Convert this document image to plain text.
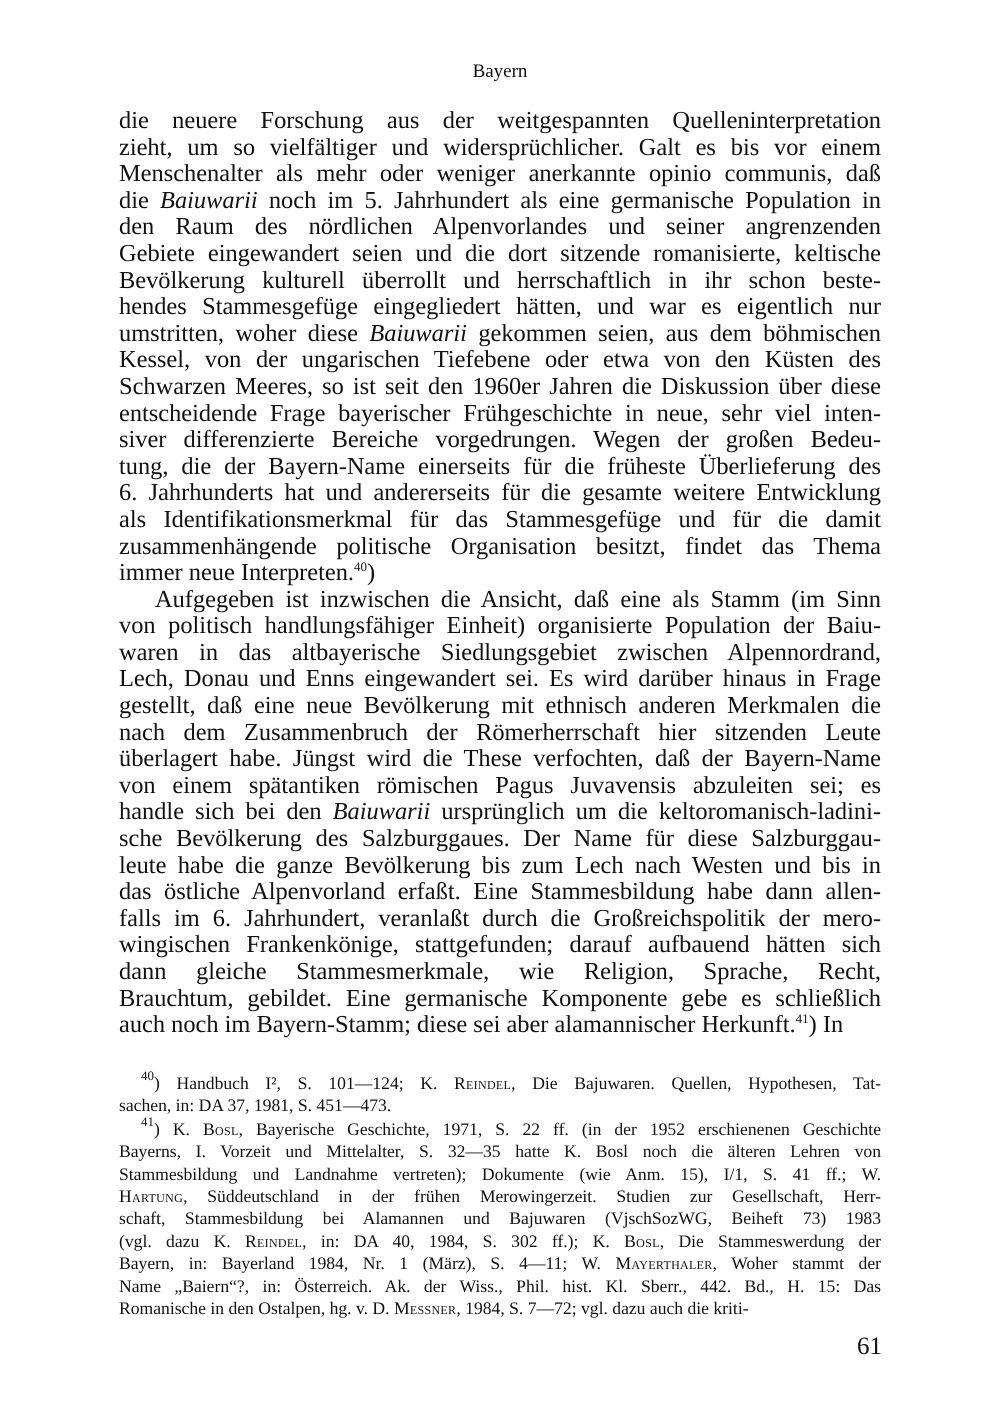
Bayern

die neuere Forschung aus der weitgespannten Quelleninterpretation
zieht, um so vielfältiger und widersprüchlicher. Galt es bis vor einem
Menschenalter als mehr oder weniger anerkannte opinio communis, daß
die Baiuwarii noch im 5. Jahrhundert als eine germanische Population in
den Raum des nördlichen Alpenvorlandes und seiner angrenzenden
Gebiete eingewandert seien und die dort sitzende romanisierte, keltische
Bevölkerung kulturell überrollt und herrschaftlich in ihr schon beste-
hendes Stammesgefüge eingegliedert hätten, und war es eigentlich nur
umstritten, woher diese Baiuwarii gekommen seien, aus dem böhmischen
Kessel, von der ungarischen Tiefebene oder etwa von den Küsten des
Schwarzen Meeres, so ist seit den 1960er Jahren die Diskussion über diese
entscheidende Frage bayerischer Frühgeschichte in neue, sehr viel inten-
siver differenzierte Bereiche vorgedrungen. Wegen der großen Bedeu-
tung, die der Bayern-Name einerseits für die früheste Überlieferung des
6. Jahrhunderts hat und andererseits für die gesamte weitere Entwicklung
als Identifikationsmerkmal für das Stammesgefüge und für die damit
zusammenhängende politische Organisation besitzt, findet das Thema
immer neue Interpreten.$^{40}$)

Aufgegeben ist inzwischen die Ansicht, daß eine als Stamm (im Sinn
von politisch handlungsfähiger Einheit) organisierte Population der Baiu-
waren in das altbayerische Siedlungsgebiet zwischen Alpennordrand,
Lech, Donau und Enns eingewandert sei. Es wird darüber hinaus in Frage
gestellt, daß eine neue Bevölkerung mit ethnisch anderen Merkmalen die
nach dem Zusammenbruch der Römerherrschaft hier sitzenden Leute
überlagert habe. Jüngst wird die These verfochten, daß der Bayern-Name
von einem spätantiken römischen Pagus Juvavensis abzuleiten sei; es
handle sich bei den Baiuwarii ursprünglich um die keltoromanisch-ladini-
sche Bevölkerung des Salzburggaues. Der Name für diese Salzburggau-
leute habe die ganze Bevölkerung bis zum Lech nach Westen und bis in
das östliche Alpenvorland erfaßt. Eine Stammesbildung habe dann allen-
falls im 6. Jahrhundert, veranlaßt durch die Großreichspolitik der mero-
wingischen Frankenkönige, stattgefunden; darauf aufbauend hätten sich
dann gleiche Stammesmerkmale, wie Religion, Sprache, Recht,
Brauchtum, gebildet. Eine germanische Komponente gebe es schließlich
auch noch im Bayern-Stamm; diese sei aber alamannischer Herkunft.$^{41}$) In

$^{40}$) Handbuch I², S. 101—124; K. Reindel, Die Bajuwaren. Quellen, Hypothesen, Tat-
sachen, in: DA 37, 1981, S. 451—473.
$^{41}$) K. Bosl, Bayerische Geschichte, 1971, S. 22 ff. (in der 1952 erschienenen Geschichte
Bayerns, I. Vorzeit und Mittelalter, S. 32—35 hatte K. Bosl noch die älteren Lehren von
Stammesbildung und Landnahme vertreten); Dokumente (wie Anm. 15), I/1, S. 41 ff.; W.
Hartung, Süddeutschland in der frühen Merowingerzeit. Studien zur Gesellschaft, Herr-
schaft, Stammesbildung bei Alamannen und Bajuwaren (VjschSozWG, Beiheft 73) 1983
(vgl. dazu K. Reindel, in: DA 40, 1984, S. 302 ff.); K. Bosl, Die Stammeswerdung der
Bayern, in: Bayerland 1984, Nr. 1 (März), S. 4—11; W. Mayerthaler, Woher stammt der
Name „Baiern“?, in: Österreich. Ak. der Wiss., Phil. hist. Kl. Sberr., 442. Bd., H. 15: Das
Romanische in den Ostalpen, hg. v. D. Messner, 1984, S. 7—72; vgl. dazu auch die kriti-
61
